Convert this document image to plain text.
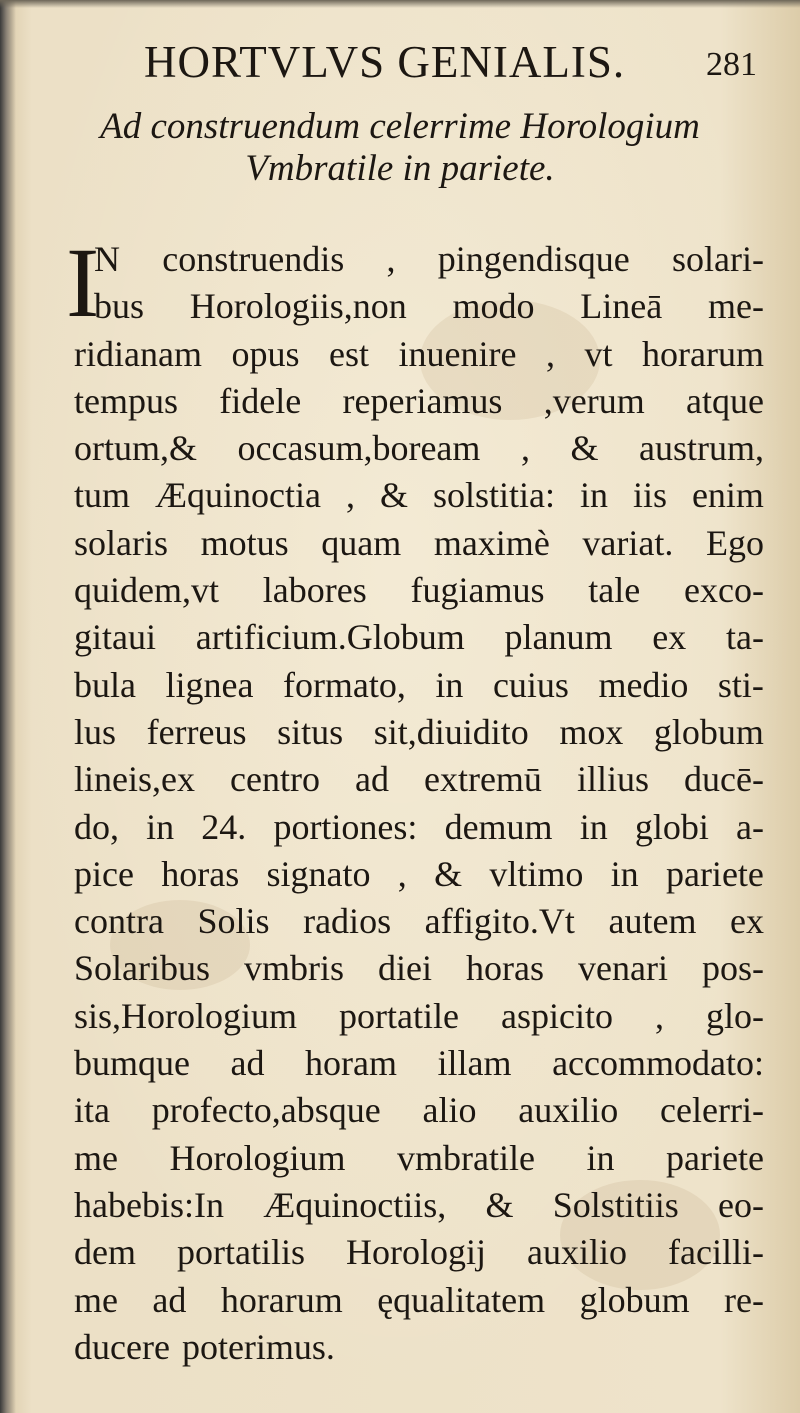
HORTVLVS GENIALIS. 281
Ad construendum celerrime Horologium
Vmbratile in pariete.
I
N construendis , pingendisque solari-
bus Horologiis,non modo Lineā me-
ridianam opus est inuenire , vt horarum
tempus fidele reperiamus ,verum atque
ortum,& occasum,boream , & austrum,
tum Æquinoctia , & solstitia: in iis enim
solaris motus quam maximè variat. Ego
quidem,vt labores fugiamus tale exco-
gitaui artificium.Globum planum ex ta-
bula lignea formato, in cuius medio sti-
lus ferreus situs sit,diuidito mox globum
lineis,ex centro ad extremū illius ducē-
do, in 24. portiones: demum in globi a-
pice horas signato , & vltimo in pariete
contra Solis radios affigito.Vt autem ex
Solaribus vmbris diei horas venari pos-
sis,Horologium portatile aspicito , glo-
bumque ad horam illam accommodato:
ita profecto,absque alio auxilio celerri-
me Horologium vmbratile in pariete
habebis:In Æquinoctiis, & Solstitiis eo-
dem portatilis Horologij auxilio facilli-
me ad horarum ęqualitatem globum re-
ducere poterimus.
